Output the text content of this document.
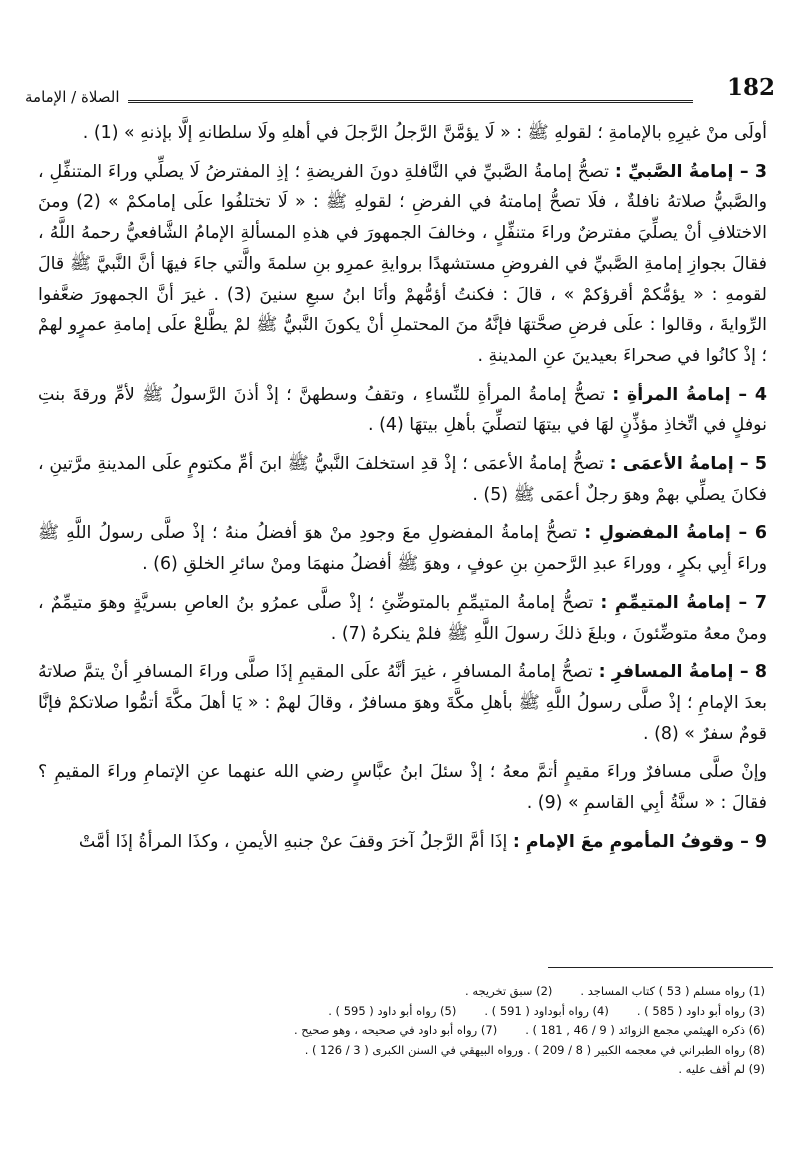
الصلاة / الإمامة	182

أولَى منْ غيرِهِ بالإمامةِ ؛ لقولهِ ﷺ : « لَا يؤمَّنَّ الرَّجلُ الرَّجلَ في أهلهِ ولَا سلطانهِ إلَّا بإذنهِ » (1) .

3 – إمامةُ الصَّبيِّ : تصحُّ إمامةُ الصَّبيِّ في النَّافلةِ دونَ الفريضةِ ؛ إذِ المفترضُ لَا يصلِّي وراءَ المتنفِّلِ ، والصَّبيُّ صلاتهُ نافلةٌ ، فلَا تصحُّ إمامتهُ في الفرضِ ؛ لقولهِ ﷺ : « لَا تختلفُوا علَى إمامكمْ » (2) ومنَ الاختلافِ أنْ يصلِّيَ مفترضٌ وراءَ متنفِّلٍ ، وخالفَ الجمهورَ في هذهِ المسألةِ الإمامُ الشَّافعيُّ رحمهُ اللَّهُ ، فقالَ بجوازِ إمامةِ الصَّبيِّ في الفروضِ مستشهدًا بروايةِ عمرِو بنِ سلمةَ والَّتي جاءَ فيهَا أنَّ النَّبيَّ ﷺ قالَ لقومهِ : « يؤمُّكمْ أقرؤكمْ » ، قالَ : فكنتُ أؤمُّهمْ وأنَا ابنُ سبعِ سنينَ (3) . غيرَ أنَّ الجمهورَ ضعَّفوا الرِّوايةَ ، وقالوا : علَى فرضِ صحَّتهَا فإنَّهُ منَ المحتملِ أنْ يكونَ النَّبيُّ ﷺ لمْ يطَّلعْ علَى إمامةِ عمرٍو لهمْ ؛ إذْ كانُوا في صحراءَ بعيدينَ عنِ المدينةِ .

4 – إمامةُ المرأةِ : تصحُّ إمامةُ المرأةِ للنِّساءِ ، وتقفُ وسطهنَّ ؛ إذْ أذنَ الرَّسولُ ﷺ لأمِّ ورقةَ بنتِ نوفلٍ في اتِّخاذِ مؤذِّنٍ لهَا في بيتهَا لتصلِّيَ بأهلِ بيتهَا (4) .

5 – إمامةُ الأعمَى : تصحُّ إمامةُ الأعمَى ؛ إذْ قدِ استخلفَ النَّبيُّ ﷺ ابنَ أمِّ مكتومٍ علَى المدينةِ مرَّتينِ ، فكانَ يصلِّي بهمْ وهوَ رجلٌ أعمَى ﷺ (5) .

6 – إمامةُ المفضولِ : تصحُّ إمامةُ المفضولِ معَ وجودِ منْ هوَ أفضلُ منهُ ؛ إذْ صلَّى رسولُ اللَّهِ ﷺ وراءَ أبِي بكرٍ ، ووراءَ عبدِ الرَّحمنِ بنِ عوفٍ ، وهوَ ﷺ أفضلُ منهمَا ومنْ سائرِ الخلقِ (6) .

7 – إمامةُ المتيمِّمِ : تصحُّ إمامةُ المتيمِّمِ بالمتوضِّئِ ؛ إذْ صلَّى عمرُو بنُ العاصِ بسريَّةٍ وهوَ متيمِّمٌ ، ومنْ معهُ متوضِّئونَ ، وبلغَ ذلكَ رسولَ اللَّهِ ﷺ فلمْ ينكرهُ (7) .

8 – إمامةُ المسافرِ : تصحُّ إمامةُ المسافرِ ، غيرَ أنَّهُ علَى المقيمِ إذَا صلَّى وراءَ المسافرِ أنْ يتمَّ صلاتهُ بعدَ الإمامِ ؛ إذْ صلَّى رسولُ اللَّهِ ﷺ بأهلِ مكَّةَ وهوَ مسافرٌ ، وقالَ لهمْ : « يَا أهلَ مكَّةَ أتمُّوا صلاتكمْ فإنَّا قومٌ سفرٌ » (8) .

وإنْ صلَّى مسافرٌ وراءَ مقيمٍ أتمَّ معهُ ؛ إذْ سئلَ ابنُ عبَّاسٍ رضي الله عنهما عنِ الإتمامِ وراءَ المقيمِ ؟ فقالَ : « سنَّةُ أبِي القاسمِ » (9) .

9 – وقوفُ المأمومِ معَ الإمامِ : إذَا أمَّ الرَّجلُ آخرَ وقفَ عنْ جنبهِ الأيمنِ ، وكذَا المرأةُ إذَا أمَّتْ

(1) رواه مسلم ( 53 ) كتاب المساجد .
(2) سبق تخريجه .
(3) رواه أبو داود ( 585 ) .
(4) رواه أبوداود ( 591 ) .
(5) رواه أبو داود ( 595 ) .
(6) ذكره الهيثمي مجمع الزوائد ( 9 / 46 , 181 ) .
(7) رواه أبو داود في صحيحه ، وهو صحيح .
(8) رواه الطبراني في معجمه الكبير ( 8 / 209 ) . ورواه البيهقي في السنن الكبرى ( 3 / 126 ) .
(9) لم أقف عليه .
